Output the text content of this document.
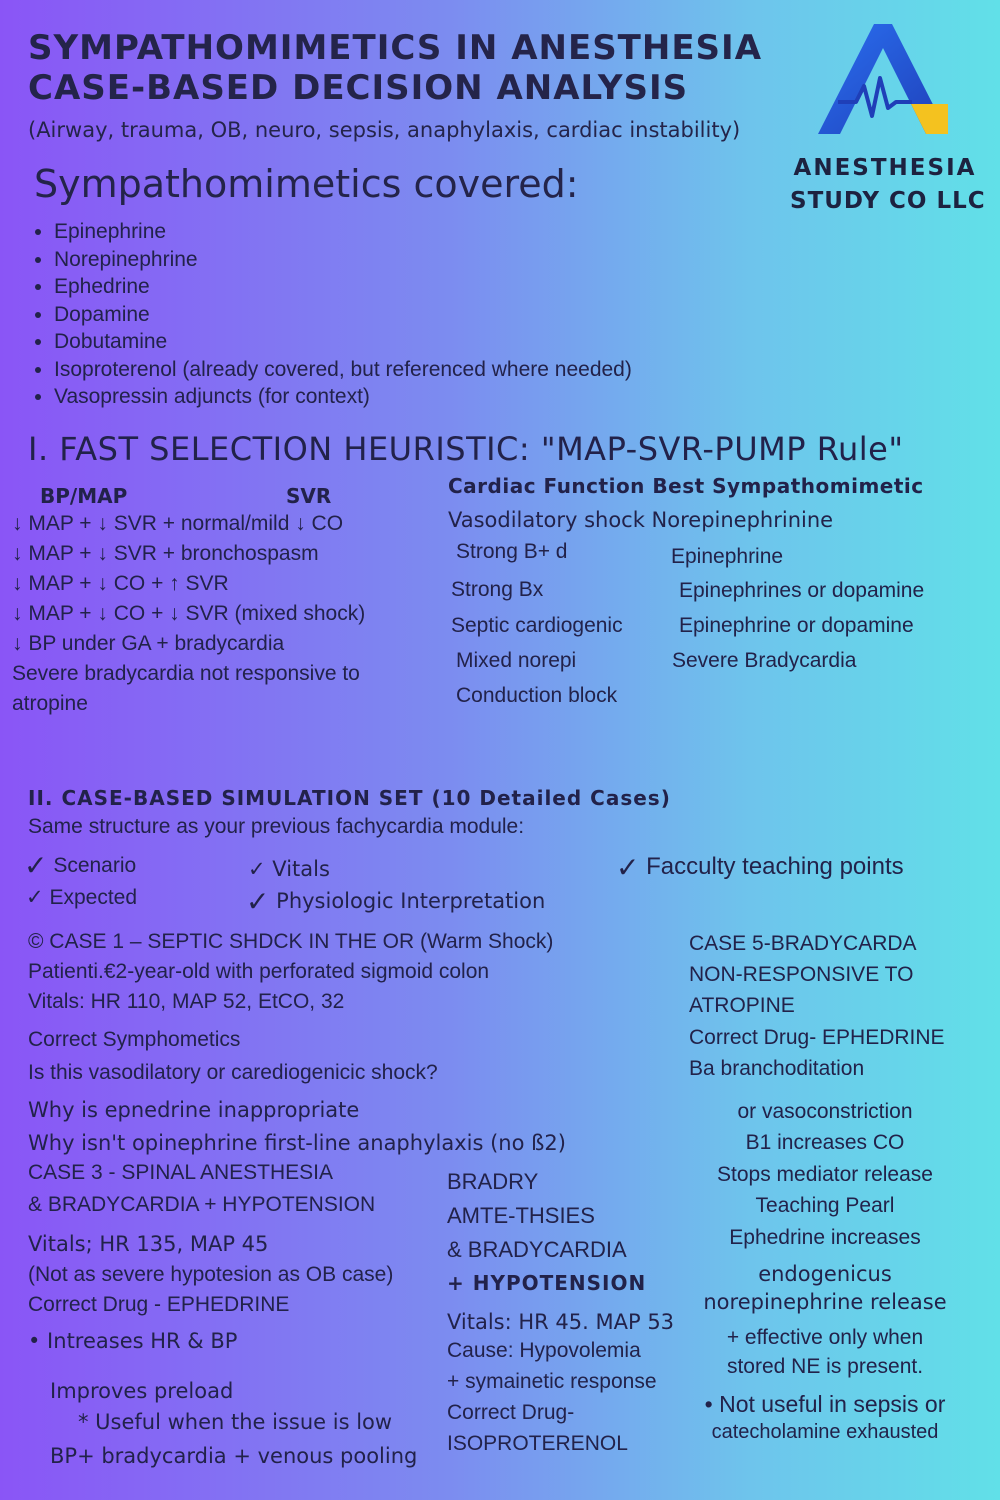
SYMPATHOMIMETICS IN ANESTHESIA
CASE-BASED DECISION ANALYSIS
(Airway, trauma, OB, neuro, sepsis, anaphylaxis, cardiac instability)
ANESTHESIA
STUDY CO LLC
Sympathomimetics covered:
• Epinephrine
• Norepinephrine
• Ephedrine
• Dopamine
• Dobutamine
• Isoproterenol (already covered, but referenced where needed)
• Vasopressin adjuncts (for context)
I. FAST SELECTION HEURISTIC: "MAP-SVR-PUMP Rule"
BP/MAP	SVR	Cardiac Function Best Sympathomimetic
↓ MAP + ↓ SVR + normal/mild ↓ CO
↓ MAP + ↓ SVR + bronchospasm
↓ MAP + ↓ CO + ↑ SVR
↓ MAP + ↓ CO + ↓ SVR (mixed shock)
↓ BP under GA + bradycardia
Severe bradycardia not responsive to
atropine
Vasodilatory shock Norepinephrinine
Strong B+ d
Strong Bx
Septic cardiogenic
Mixed norepi
Conduction block
Epinephrine
Epinephrines or dopamine
Epinephrine or dopamine
Severe Bradycardia
II. CASE-BASED SIMULATION SET (10 Detailed Cases)
Same structure as your previous fachycardia module:
✓ Scenario
✓ Expected
✓ Vitals
✓ Physiologic Interpretation
✓ Facculty teaching points
© CASE 1 – SEPTIC SHDCK IN THE OR (Warm Shock)
Patienti.€2-year-old with perforated sigmoid colon
Vitals: HR 110, MAP 52, EtCO, 32
Correct Symphometics
Is this vasodilatory or carediogenicic shock?
Why is epnedrine inappropriate
Why isn't opinephrine first-line anaphylaxis (no ß2)
CASE 3 - SPINAL ANESTHESIA
& BRADYCARDIA + HYPOTENSION
Vitals; HR 135, MAP 45
(Not as severe hypotesion as OB case)
Correct Drug - EPHEDRINE
• Intreases HR & BP
Improves preload
* Useful when the issue is low
BP+ bradycardia + venous pooling
BRADRY
AMTE-THSIES
& BRADYCARDIA
+ HYPOTENSION
Vitals: HR 45. MAP 53
Cause: Hypovolemia
+ symainetic response
Correct Drug-
ISOPROTERENOL
CASE 5-BRADYCARDA
NON-RESPONSIVE TO
ATROPINE
Correct Drug- EPHEDRINE
Ba branchoditation
or vasoconstriction
B1 increases CO
Stops mediator release
Teaching Pearl
Ephedrine increases
endogenicus
norepinephrine release
+ effective only when
stored NE is present.
• Not useful in sepsis or
catecholamine exhausted
